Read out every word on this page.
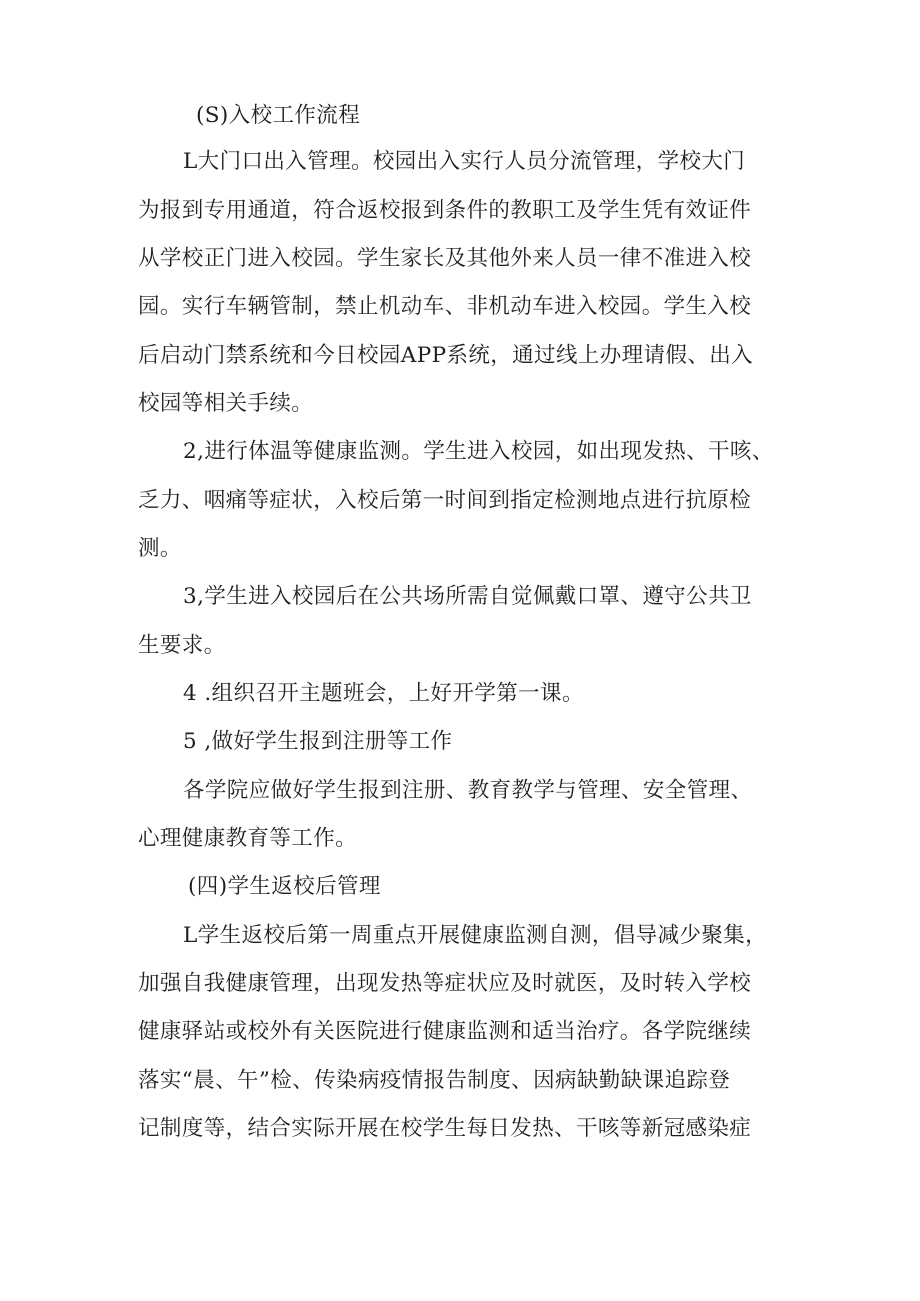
(S)入校工作流程
L大门口出入管理。校园出入实行人员分流管理，学校大门
为报到专用通道，符合返校报到条件的教职工及学生凭有效证件
从学校正门进入校园。学生家长及其他外来人员一律不准进入校
园。实行车辆管制，禁止机动车、非机动车进入校园。学生入校
后启动门禁系统和今日校园APP系统，通过线上办理请假、出入
校园等相关手续。
2,进行体温等健康监测。学生进入校园，如出现发热、干咳、
乏力、咽痛等症状，入校后第一时间到指定检测地点进行抗原检
测。
3,学生进入校园后在公共场所需自觉佩戴口罩、遵守公共卫
生要求。
4 .组织召开主题班会，上好开学第一课。
5 ,做好学生报到注册等工作
各学院应做好学生报到注册、教育教学与管理、安全管理、
心理健康教育等工作。
(四)学生返校后管理
L学生返校后第一周重点开展健康监测自测，倡导减少聚集，
加强自我健康管理，出现发热等症状应及时就医，及时转入学校
健康驿站或校外有关医院进行健康监测和适当治疗。各学院继续
落实“晨、午”检、传染病疫情报告制度、因病缺勤缺课追踪登
记制度等，结合实际开展在校学生每日发热、干咳等新冠感染症
